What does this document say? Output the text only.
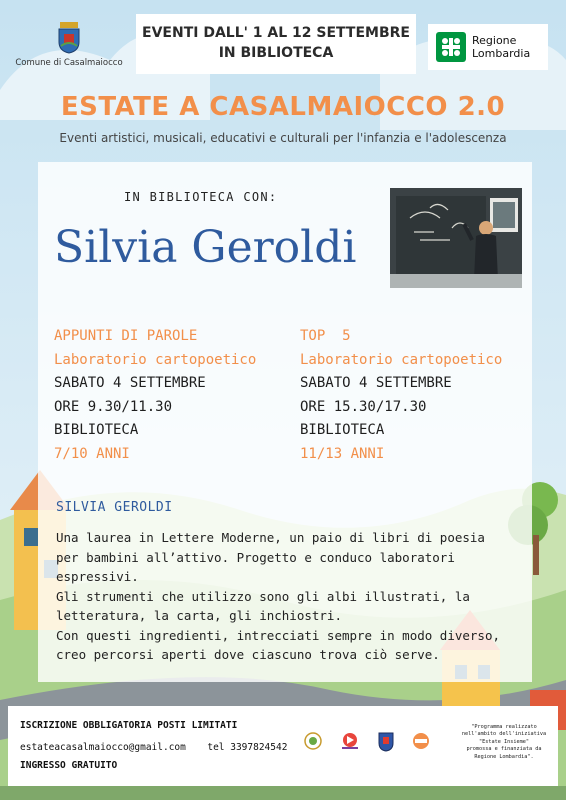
Comune di Casalmaiocco
EVENTI DALL' 1 AL 12 SETTEMBRE
IN BIBLIOTECA
Regione
Lombardia
ESTATE A CASALMAIOCCO 2.0
Eventi artistici, musicali, educativi e culturali per l'infanzia e l'adolescenza
IN BIBLIOTECA CON:
Silvia Geroldi
APPUNTI DI PAROLE
Laboratorio cartopoetico
SABATO 4 SETTEMBRE
ORE 9.30/11.30
BIBLIOTECA
7/10 ANNI
TOP  5
Laboratorio cartopoetico
SABATO 4 SETTEMBRE
ORE 15.30/17.30
BIBLIOTECA
11/13 ANNI
SILVIA GEROLDI
Una laurea in Lettere Moderne, un paio di libri di poesia
per bambini all’attivo. Progetto e conduco laboratori
espressivi.
Gli strumenti che utilizzo sono gli albi illustrati, la
letteratura, la carta, gli inchiostri.
Con questi ingredienti, intrecciati sempre in modo diverso,
creo percorsi aperti dove ciascuno trova ciò serve.
ISCRIZIONE OBBLIGATORIA POSTI LIMITATI
estateacasalmaiocco@gmail.com tel 3397824542
INGRESSO GRATUITO
"Programma realizzato
nell'ambito dell'iniziativa
"Estate Insieme"
promossa e finanziata da
Regione Lombardia".
